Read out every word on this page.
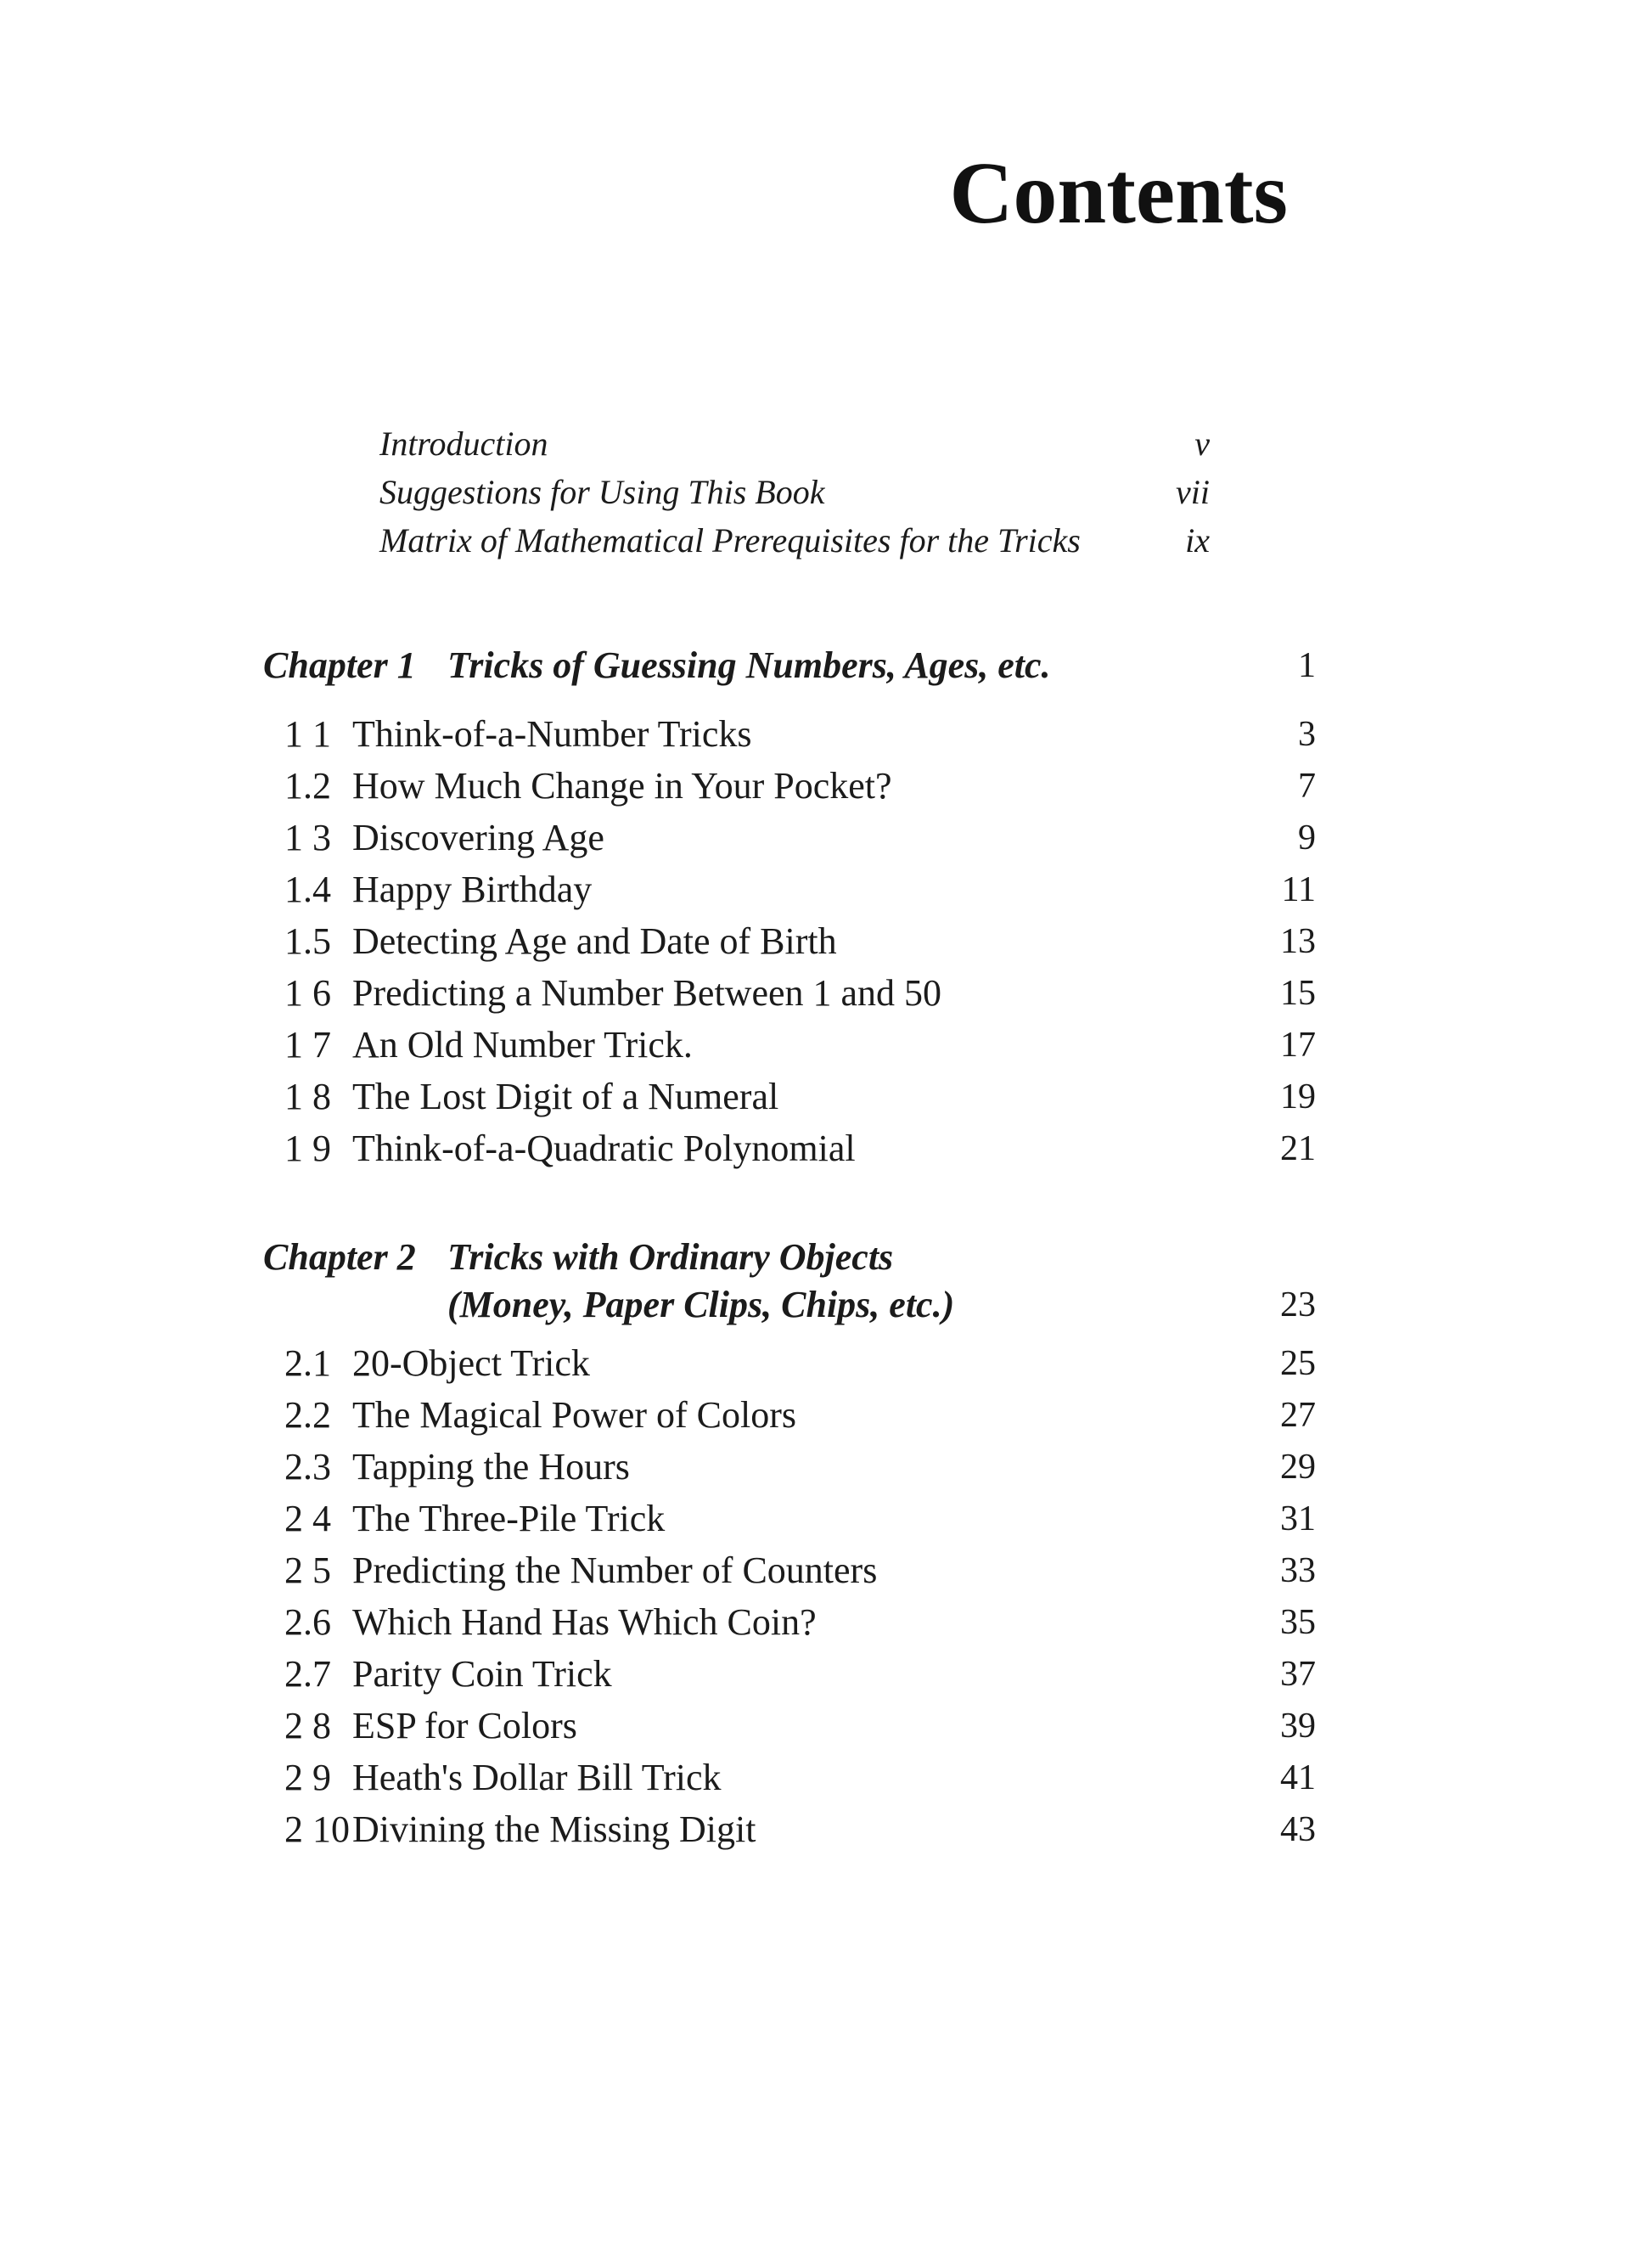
Contents
Introduction	v
Suggestions for Using This Book	vii
Matrix of Mathematical Prerequisites for the Tricks	ix
Chapter 1 Tricks of Guessing Numbers, Ages, etc.	1
1 1 Think-of-a-Number Tricks	3
1.2 How Much Change in Your Pocket?	7
1 3 Discovering Age	9
1.4 Happy Birthday	11
1.5 Detecting Age and Date of Birth	13
1 6 Predicting a Number Between 1 and 50	15
1 7 An Old Number Trick.	17
1 8 The Lost Digit of a Numeral	19
1 9 Think-of-a-Quadratic Polynomial	21
Chapter 2 Tricks with Ordinary Objects
(Money, Paper Clips, Chips, etc.)	23
2.1 20-Object Trick	25
2.2 The Magical Power of Colors	27
2.3 Tapping the Hours	29
2 4 The Three-Pile Trick	31
2 5 Predicting the Number of Counters	33
2.6 Which Hand Has Which Coin?	35
2.7 Parity Coin Trick	37
2 8 ESP for Colors	39
2 9 Heath's Dollar Bill Trick	41
2 10 Divining the Missing Digit	43
